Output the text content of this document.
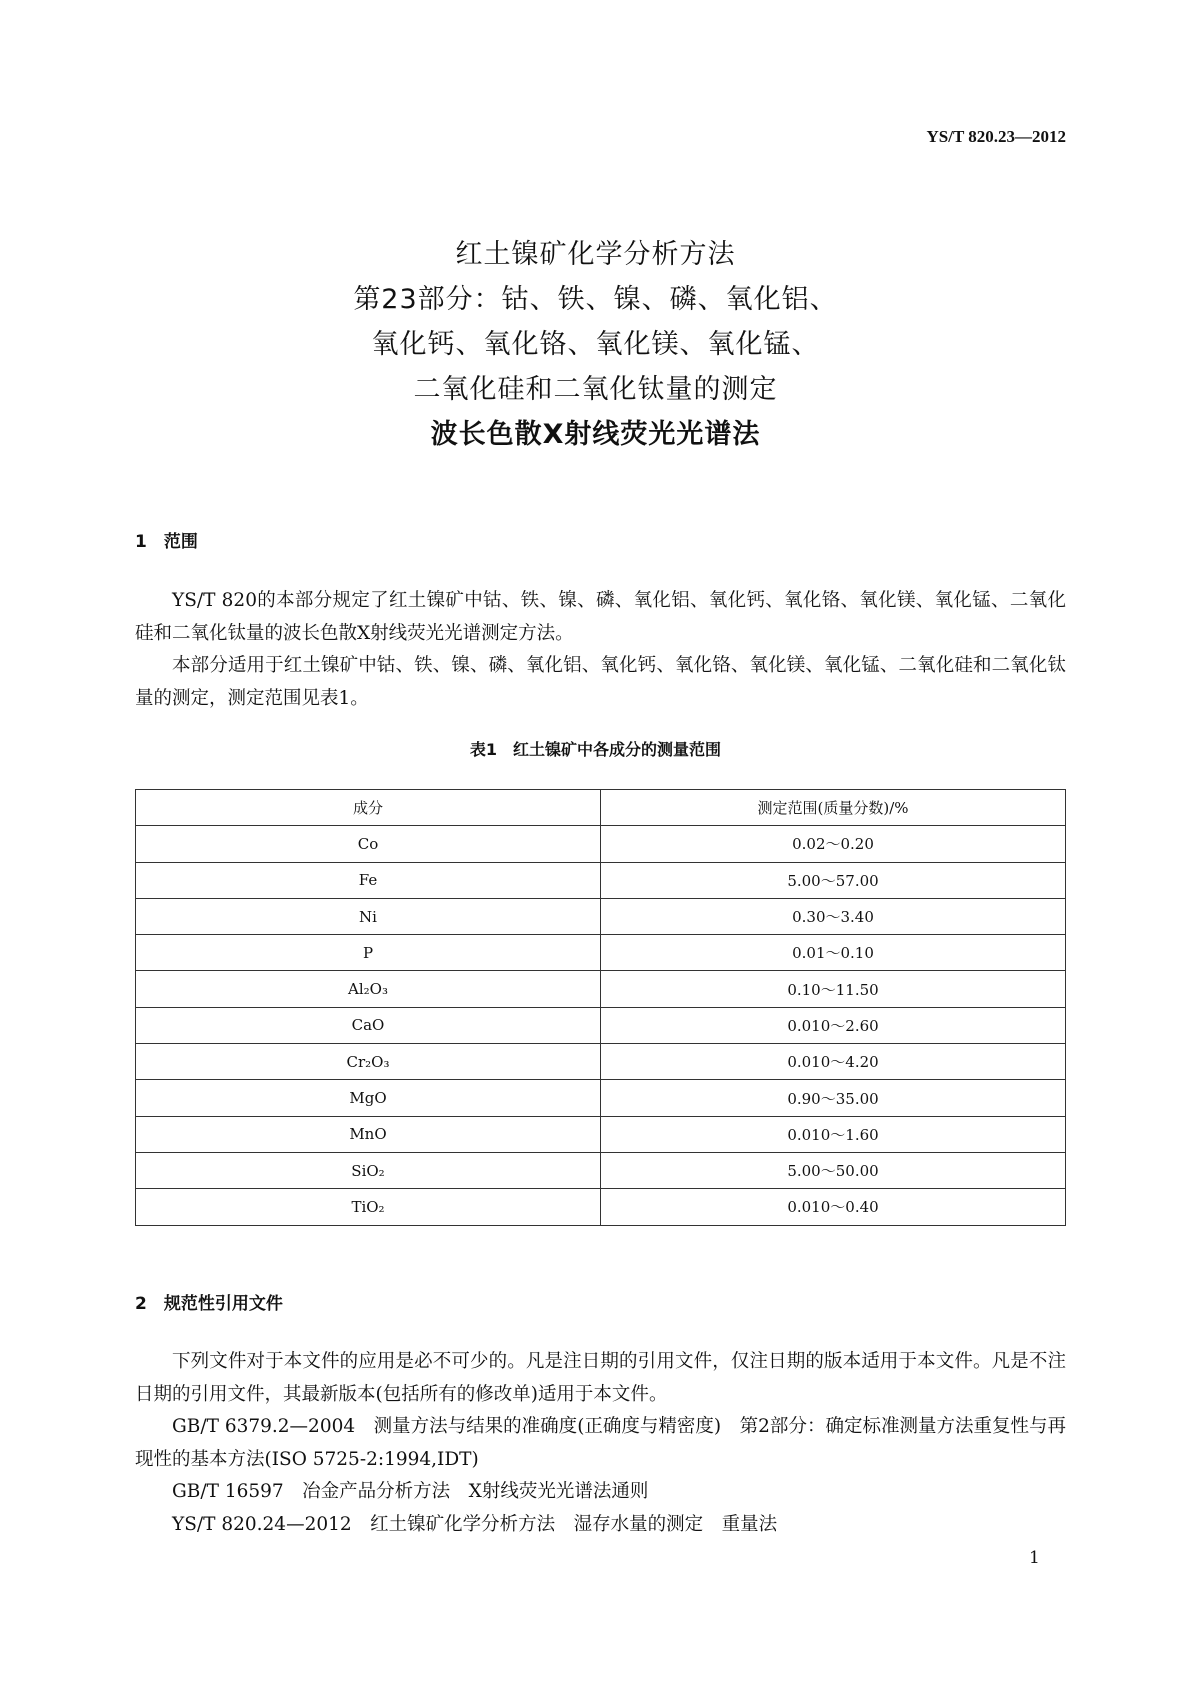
YS/T 820.23—2012
红土镍矿化学分析方法
第23部分：钴、铁、镍、磷、氧化铝、
氧化钙、氧化铬、氧化镁、氧化锰、
二氧化硅和二氧化钛量的测定
波长色散X射线荧光光谱法
1　范围

YS/T 820的本部分规定了红土镍矿中钴、铁、镍、磷、氧化铝、氧化钙、氧化铬、氧化镁、氧化锰、二氧化硅和二氧化钛量的波长色散X射线荧光光谱测定方法。

本部分适用于红土镍矿中钴、铁、镍、磷、氧化铝、氧化钙、氧化铬、氧化镁、氧化锰、二氧化硅和二氧化钛量的测定，测定范围见表1。

表1　红土镍矿中各成分的测量范围
成分	测定范围(质量分数)/%
Co	0.02～0.20
Fe	5.00～57.00
Ni	0.30～3.40
P	0.01～0.10
Al₂O₃	0.10～11.50
CaO	0.010～2.60
Cr₂O₃	0.010～4.20
MgO	0.90～35.00
MnO	0.010～1.60
SiO₂	5.00～50.00
TiO₂	0.010～0.40
2　规范性引用文件

下列文件对于本文件的应用是必不可少的。凡是注日期的引用文件，仅注日期的版本适用于本文件。凡是不注日期的引用文件，其最新版本(包括所有的修改单)适用于本文件。

GB/T 6379.2—2004　测量方法与结果的准确度(正确度与精密度)　第2部分：确定标准测量方法重复性与再现性的基本方法(ISO 5725-2:1994,IDT)

GB/T 16597　冶金产品分析方法　X射线荧光光谱法通则

YS/T 820.24—2012　红土镍矿化学分析方法　湿存水量的测定　重量法

1
